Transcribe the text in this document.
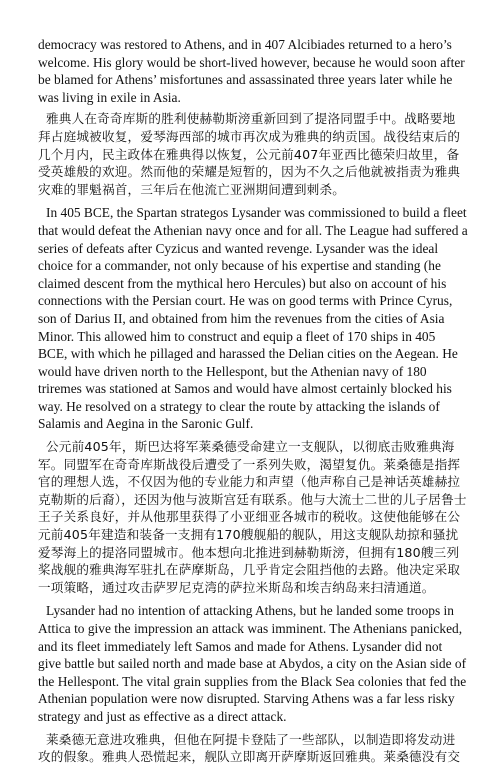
democracy was restored to Athens, and in 407 Alcibiades returned to a hero’s welcome. His glory would be short-lived however, because he would soon after be blamed for Athens’ misfortunes and assassinated three years later while he was living in exile in Asia.

雅典人在奇奇库斯的胜利使赫勒斯滂重新回到了提洛同盟手中。战略要地拜占庭城被收复，爱琴海西部的城市再次成为雅典的纳贡国。战役结束后的几个月内，民主政体在雅典得以恢复，公元前407年亚西比德荣归故里，备受英雄般的欢迎。然而他的荣耀是短暂的，因为不久之后他就被指责为雅典灾难的罪魁祸首，三年后在他流亡亚洲期间遭到刺杀。

In 405 BCE, the Spartan strategos Lysander was commissioned to build a fleet that would defeat the Athenian navy once and for all. The League had suffered a series of defeats after Cyzicus and wanted revenge. Lysander was the ideal choice for a commander, not only because of his expertise and standing (he claimed descent from the mythical hero Hercules) but also on account of his connections with the Persian court. He was on good terms with Prince Cyrus, son of Darius II, and obtained from him the revenues from the cities of Asia Minor. This allowed him to construct and equip a fleet of 170 ships in 405 BCE, with which he pillaged and harassed the Delian cities on the Aegean. He would have driven north to the Hellespont, but the Athenian navy of 180 triremes was stationed at Samos and would have almost certainly blocked his way. He resolved on a strategy to clear the route by attacking the islands of Salamis and Aegina in the Saronic Gulf.

公元前405年，斯巴达将军莱桑德受命建立一支舰队，以彻底击败雅典海军。同盟军在奇奇库斯战役后遭受了一系列失败，渴望复仇。莱桑德是指挥官的理想人选，不仅因为他的专业能力和声望（他声称自己是神话英雄赫拉克勒斯的后裔），还因为他与波斯宫廷有联系。他与大流士二世的儿子居鲁士王子关系良好，并从他那里获得了小亚细亚各城市的税收。这使他能够在公元前405年建造和装备一支拥有170艘舰船的舰队，用这支舰队劫掠和骚扰爱琴海上的提洛同盟城市。他本想向北推进到赫勒斯滂，但拥有180艘三列桨战舰的雅典海军驻扎在萨摩斯岛，几乎肯定会阻挡他的去路。他决定采取一项策略，通过攻击萨罗尼克湾的萨拉米斯岛和埃吉纳岛来扫清通道。

Lysander had no intention of attacking Athens, but he landed some troops in Attica to give the impression an attack was imminent. The Athenians panicked, and its fleet immediately left Samos and made for Athens. Lysander did not give battle but sailed north and made base at Abydos, a city on the Asian side of the Hellespont. The vital grain supplies from the Black Sea colonies that fed the Athenian population were now disrupted. Starving Athens was a far less risky strategy and just as effective as a direct attack.

莱桑德无意进攻雅典，但他在阿提卡登陆了一些部队，以制造即将发动进攻的假象。雅典人恐慌起来，舰队立即离开萨摩斯返回雅典。莱桑德没有交
